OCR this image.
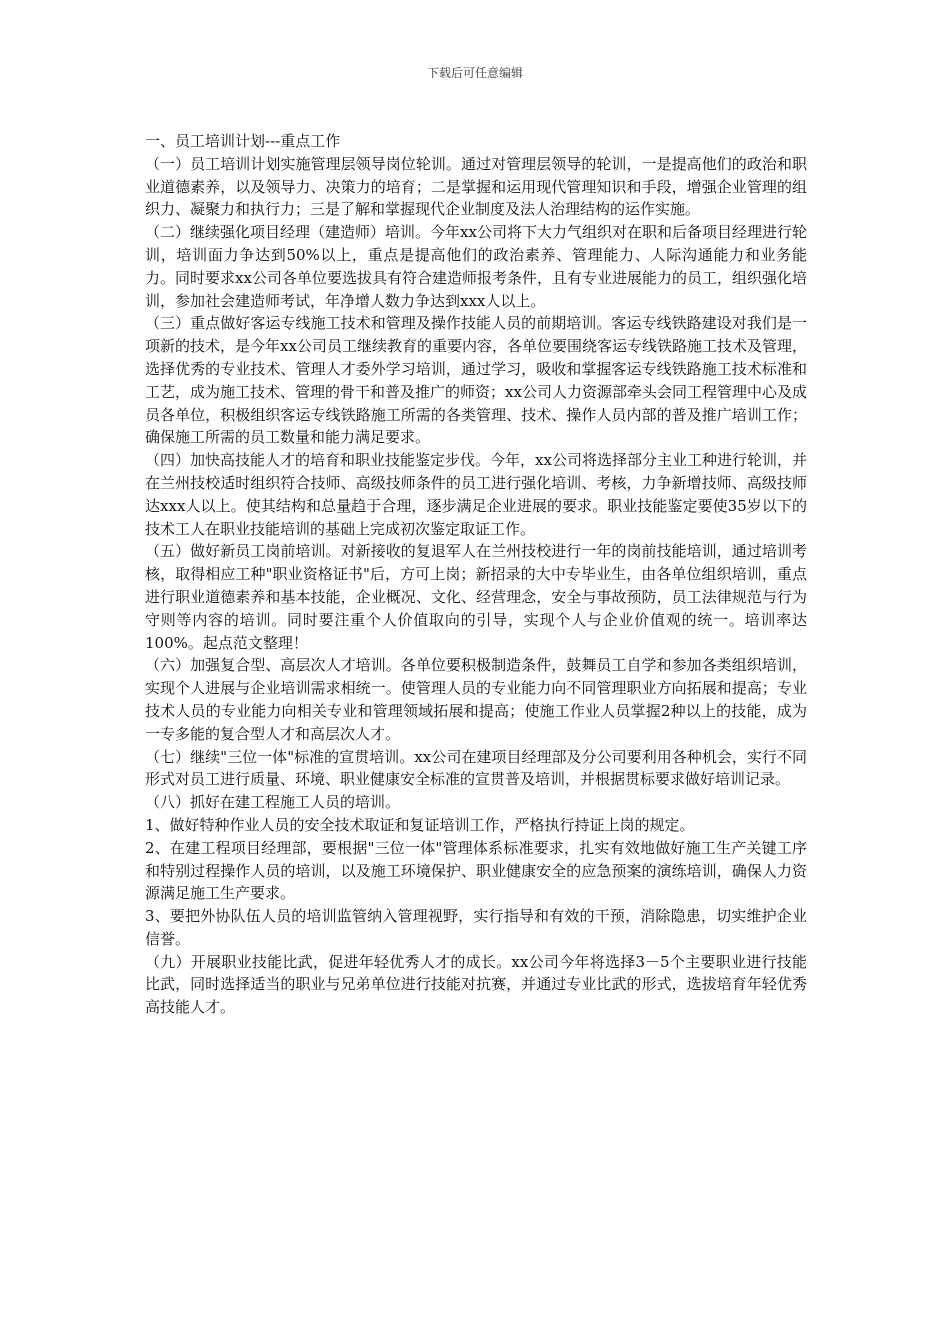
下载后可任意编辑

一、员工培训计划---重点工作

（一）员工培训计划实施管理层领导岗位轮训。通过对管理层领导的轮训，一是提高他们的政治和职业道德素养，以及领导力、决策力的培育；二是掌握和运用现代管理知识和手段，增强企业管理的组织力、凝聚力和执行力；三是了解和掌握现代企业制度及法人治理结构的运作实施。

（二）继续强化项目经理（建造师）培训。今年xx公司将下大力气组织对在职和后备项目经理进行轮训，培训面力争达到50%以上，重点是提高他们的政治素养、管理能力、人际沟通能力和业务能力。同时要求xx公司各单位要选拔具有符合建造师报考条件，且有专业进展能力的员工，组织强化培训，参加社会建造师考试，年净增人数力争达到xxx人以上。

（三）重点做好客运专线施工技术和管理及操作技能人员的前期培训。客运专线铁路建设对我们是一项新的技术，是今年xx公司员工继续教育的重要内容，各单位要围绕客运专线铁路施工技术及管理，选择优秀的专业技术、管理人才委外学习培训，通过学习，吸收和掌握客运专线铁路施工技术标准和工艺，成为施工技术、管理的骨干和普及推广的师资；xx公司人力资源部牵头会同工程管理中心及成员各单位，积极组织客运专线铁路施工所需的各类管理、技术、操作人员内部的普及推广培训工作；确保施工所需的员工数量和能力满足要求。

（四）加快高技能人才的培育和职业技能鉴定步伐。今年，xx公司将选择部分主业工种进行轮训，并在兰州技校适时组织符合技师、高级技师条件的员工进行强化培训、考核，力争新增技师、高级技师达xxx人以上。使其结构和总量趋于合理，逐步满足企业进展的要求。职业技能鉴定要使35岁以下的技术工人在职业技能培训的基础上完成初次鉴定取证工作。

（五）做好新员工岗前培训。对新接收的复退军人在兰州技校进行一年的岗前技能培训，通过培训考核，取得相应工种"职业资格证书"后，方可上岗；新招录的大中专毕业生，由各单位组织培训，重点进行职业道德素养和基本技能，企业概况、文化、经营理念，安全与事故预防，员工法律规范与行为守则等内容的培训。同时要注重个人价值取向的引导，实现个人与企业价值观的统一。培训率达100%。起点范文整理！

（六）加强复合型、高层次人才培训。各单位要积极制造条件，鼓舞员工自学和参加各类组织培训，实现个人进展与企业培训需求相统一。使管理人员的专业能力向不同管理职业方向拓展和提高；专业技术人员的专业能力向相关专业和管理领域拓展和提高；使施工作业人员掌握2种以上的技能，成为一专多能的复合型人才和高层次人才。

（七）继续"三位一体"标准的宣贯培训。xx公司在建项目经理部及分公司要利用各种机会，实行不同形式对员工进行质量、环境、职业健康安全标准的宣贯普及培训，并根据贯标要求做好培训记录。

（八）抓好在建工程施工人员的培训。

1、做好特种作业人员的安全技术取证和复证培训工作，严格执行持证上岗的规定。

2、在建工程项目经理部，要根据"三位一体"管理体系标准要求，扎实有效地做好施工生产关键工序和特别过程操作人员的培训，以及施工环境保护、职业健康安全的应急预案的演练培训，确保人力资源满足施工生产要求。

3、要把外协队伍人员的培训监管纳入管理视野，实行指导和有效的干预，消除隐患，切实维护企业信誉。

（九）开展职业技能比武，促进年轻优秀人才的成长。xx公司今年将选择3－5个主要职业进行技能比武，同时选择适当的职业与兄弟单位进行技能对抗赛，并通过专业比武的形式，选拔培育年轻优秀高技能人才。
